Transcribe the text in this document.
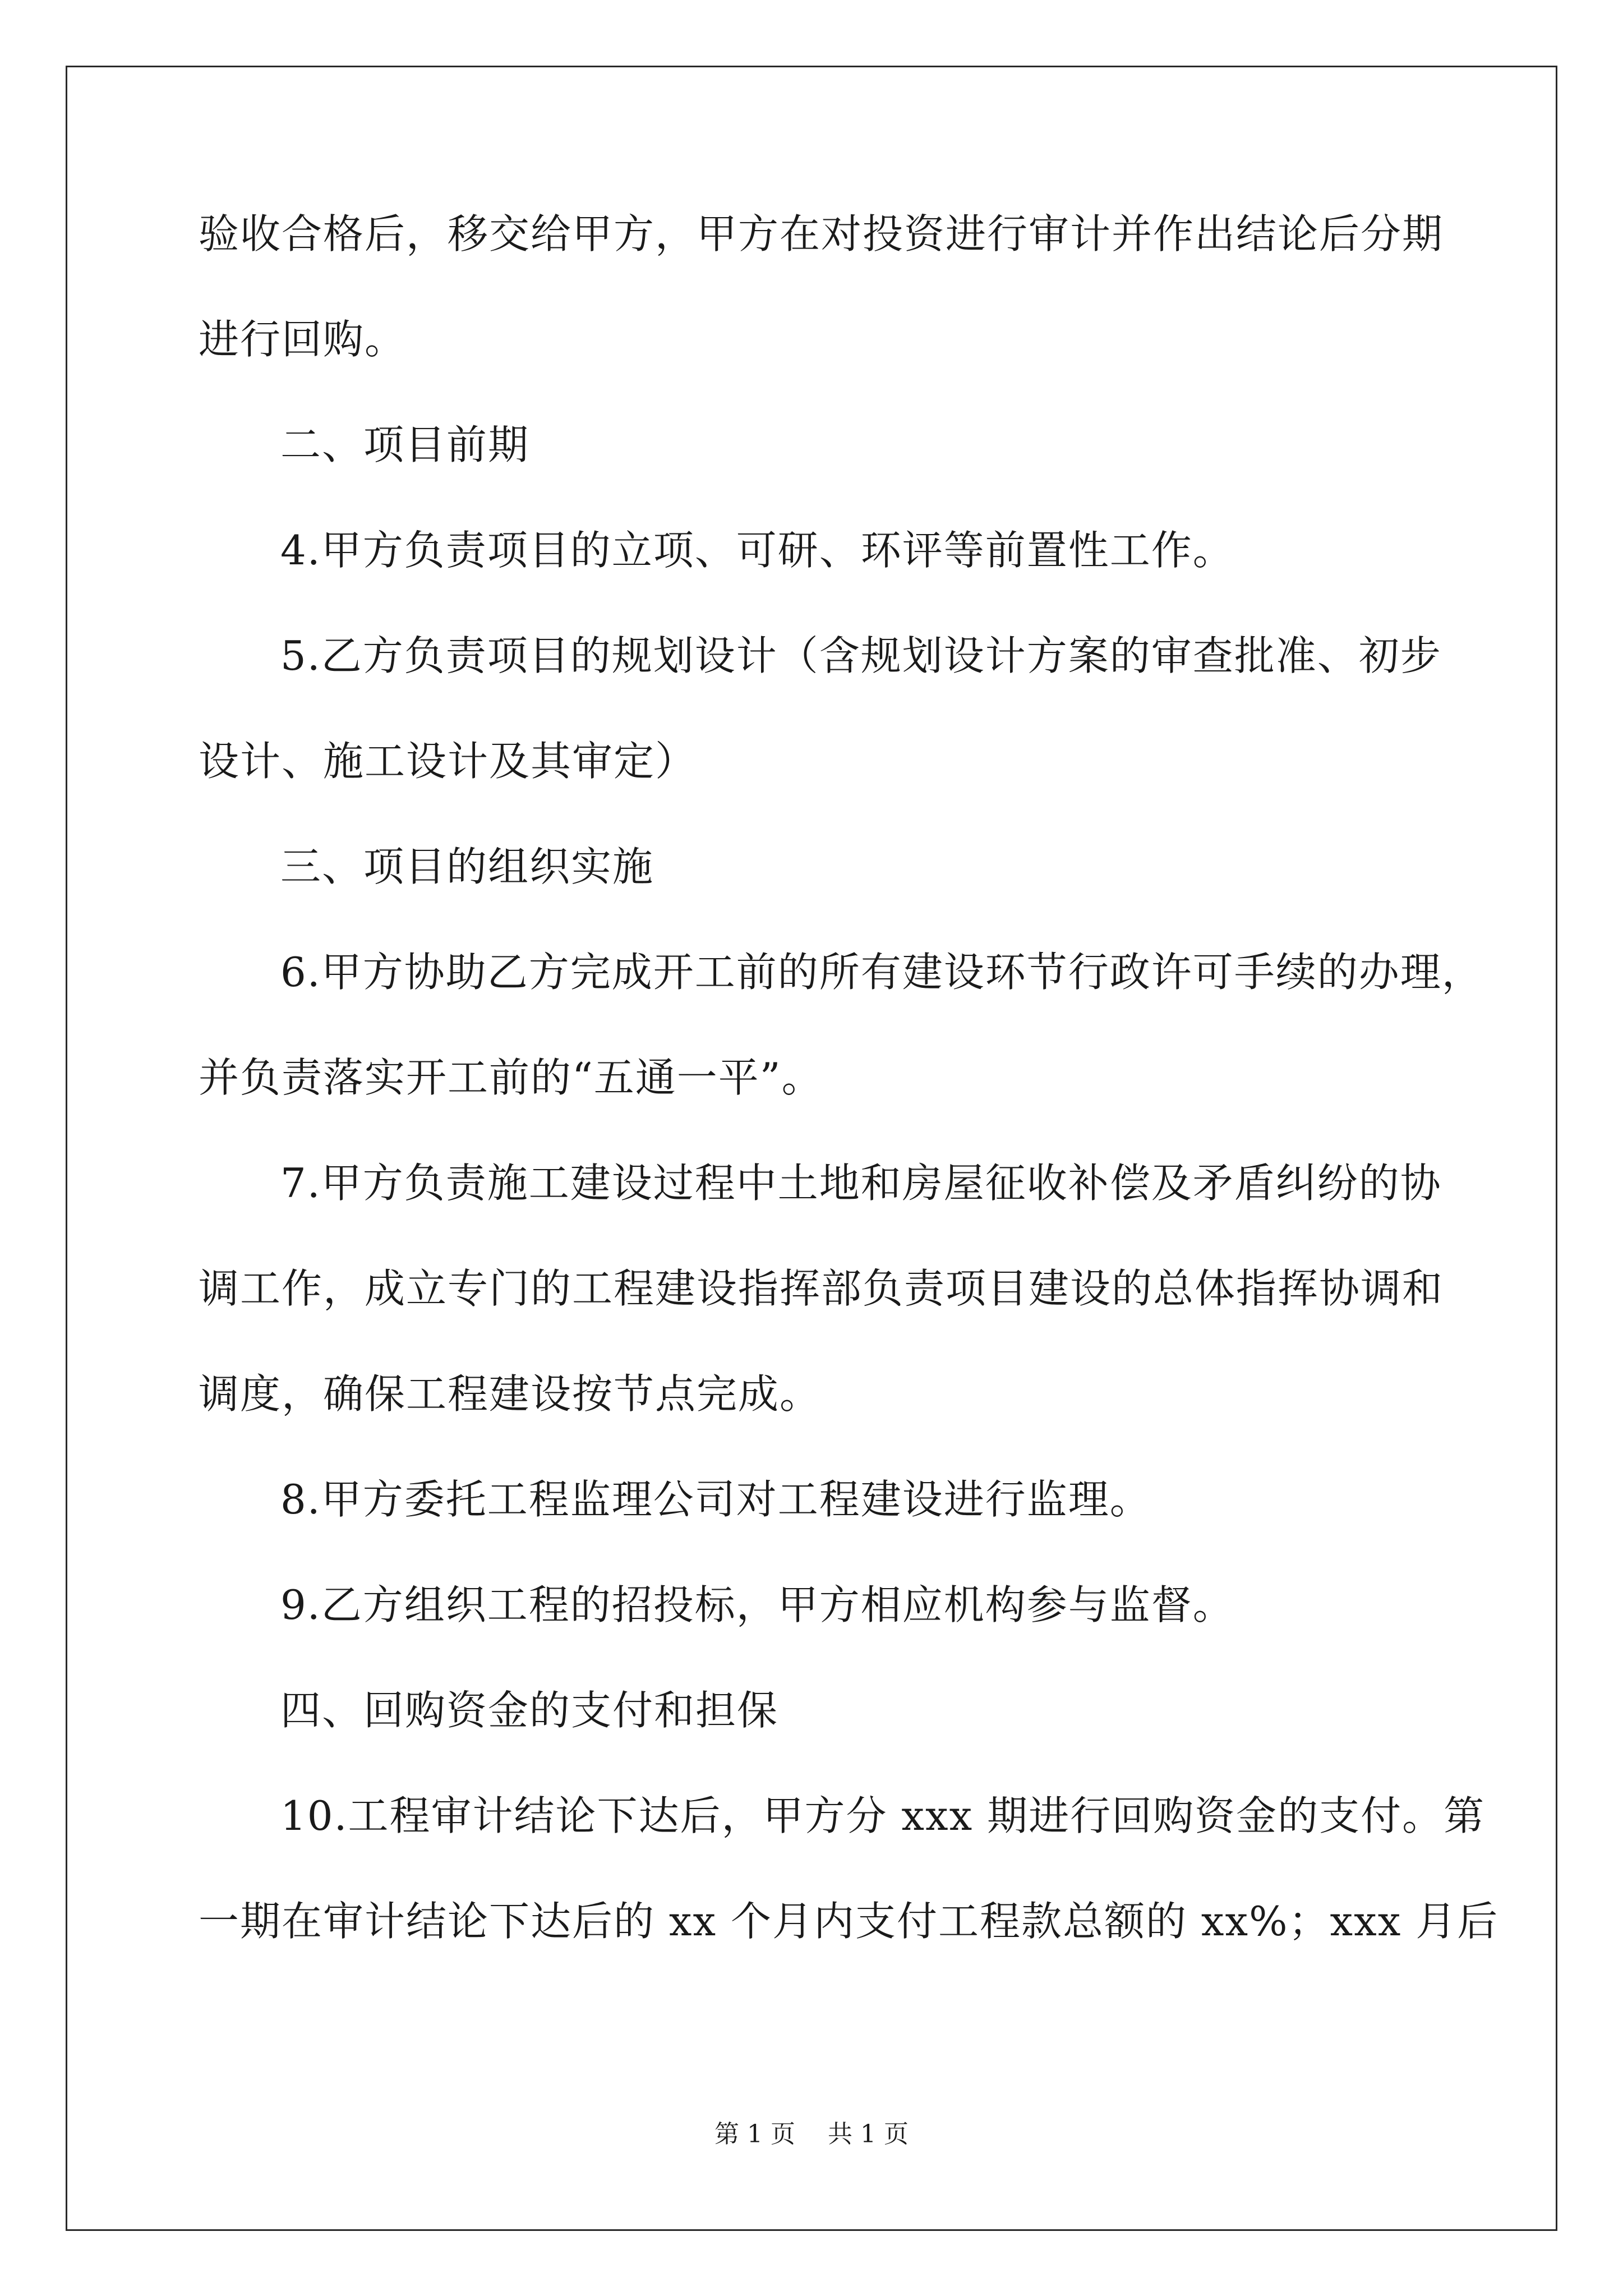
验收合格后，移交给甲方，甲方在对投资进行审计并作出结论后分期
进行回购。
二、项目前期
4.甲方负责项目的立项、可研、环评等前置性工作。
5.乙方负责项目的规划设计（含规划设计方案的审查批准、初步
设计、施工设计及其审定）
三、项目的组织实施
6.甲方协助乙方完成开工前的所有建设环节行政许可手续的办理，
并负责落实开工前的“五通一平”。
7.甲方负责施工建设过程中土地和房屋征收补偿及矛盾纠纷的协
调工作，成立专门的工程建设指挥部负责项目建设的总体指挥协调和
调度，确保工程建设按节点完成。
8.甲方委托工程监理公司对工程建设进行监理。
9.乙方组织工程的招投标，甲方相应机构参与监督。
四、回购资金的支付和担保
10.工程审计结论下达后，甲方分 xxx 期进行回购资金的支付。第
一期在审计结论下达后的 xx 个月内支付工程款总额的 xx%；xxx 月后
第 1 页　 共 1 页
